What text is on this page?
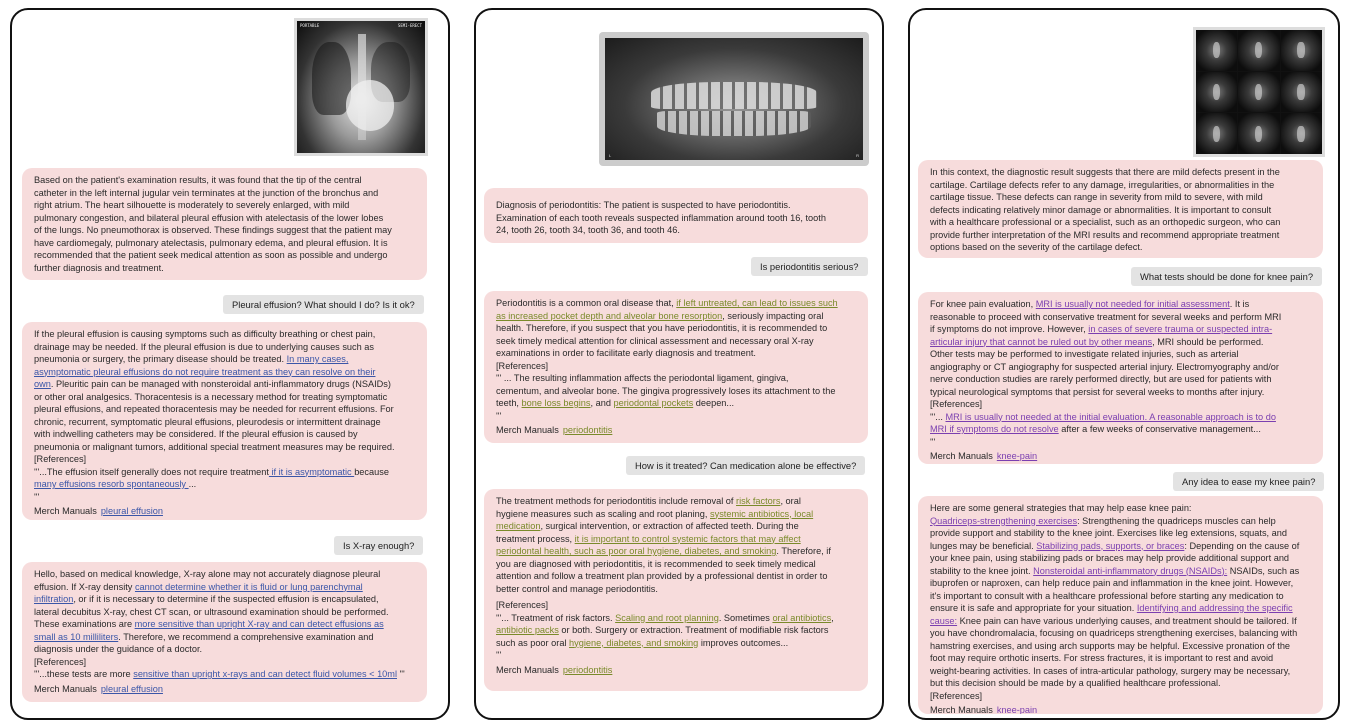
PORTABLE	SEMI-ERECT
Based on the patient's examination results, it was found that the tip of the central
catheter in the left internal jugular vein terminates at the junction of the bronchus and
right atrium. The heart silhouette is moderately to severely enlarged, with mild
pulmonary congestion, and bilateral pleural effusion with atelectasis of the lower lobes
of the lungs. No pneumothorax is observed. These findings suggest that the patient may
have cardiomegaly, pulmonary atelectasis, pulmonary edema, and pleural effusion. It is
recommended that the patient seek medical attention as soon as possible and undergo
further diagnosis and treatment.
Pleural effusion? What should I do? Is it ok?
If the pleural effusion is causing symptoms such as difficulty breathing or chest pain,
drainage may be needed. If the pleural effusion is due to underlying causes such as
pneumonia or surgery, the primary disease should be treated. In many cases,
asymptomatic pleural effusions do not require treatment as they can resolve on their
own. Pleuritic pain can be managed with nonsteroidal anti-inflammatory drugs (NSAIDs)
or other oral analgesics. Thoracentesis is a necessary method for treating symptomatic
pleural effusions, and repeated thoracentesis may be needed for recurrent effusions. For
chronic, recurrent, symptomatic pleural effusions, pleurodesis or intermittent drainage
with indwelling catheters may be considered. If the pleural effusion is caused by
pneumonia or malignant tumors, additional special treatment measures may be required.
[References]
'''...The effusion itself generally does not require treatment if it is asymptomatic because
many effusions resorb spontaneously ...
'''
Merch Manuals pleural effusion
Is X-ray enough?
Hello, based on medical knowledge, X-ray alone may not accurately diagnose pleural
effusion. If X-ray density cannot determine whether it is fluid or lung parenchymal
infiltration, or if it is necessary to determine if the suspected effusion is encapsulated,
lateral decubitus X-ray, chest CT scan, or ultrasound examination should be performed.
These examinations are more sensitive than upright X-ray and can detect effusions as
small as 10 milliliters. Therefore, we recommend a comprehensive examination and
diagnosis under the guidance of a doctor.
[References]
'''...these tests are more sensitive than upright x-rays and can detect fluid volumes < 10ml '''
Merch Manuals pleural effusion
L	R
Diagnosis of periodontitis: The patient is suspected to have periodontitis.
Examination of each tooth reveals suspected inflammation around tooth 16, tooth
24, tooth 26, tooth 34, tooth 36, and tooth 46.
Is periodontitis serious?
Periodontitis is a common oral disease that, if left untreated, can lead to issues such
as increased pocket depth and alveolar bone resorption, seriously impacting oral
health. Therefore, if you suspect that you have periodontitis, it is recommended to
seek timely medical attention for clinical assessment and necessary oral X-ray
examinations in order to facilitate early diagnosis and treatment.
[References]
''' ... The resulting inflammation affects the periodontal ligament, gingiva,
cementum, and alveolar bone. The gingiva progressively loses its attachment to the
teeth, bone loss begins, and periodontal pockets deepen...
'''
Merch Manuals periodontitis
How is it treated? Can medication alone be effective?
The treatment methods for periodontitis include removal of risk factors, oral
hygiene measures such as scaling and root planing, systemic antibiotics, local
medication, surgical intervention, or extraction of affected teeth. During the
treatment process, it is important to control systemic factors that may affect
periodontal health, such as poor oral hygiene, diabetes, and smoking. Therefore, if
you are diagnosed with periodontitis, it is recommended to seek timely medical
attention and follow a treatment plan provided by a professional dentist in order to
better control and manage periodontitis.
[References]
'''... Treatment of risk factors. Scaling and root planning. Sometimes oral antibiotics,
antibiotic packs or both. Surgery or extraction. Treatment of modifiable risk factors
such as poor oral hygiene, diabetes, and smoking improves outcomes...
'''
Merch Manuals periodontitis
In this context, the diagnostic result suggests that there are mild defects present in the
cartilage. Cartilage defects refer to any damage, irregularities, or abnormalities in the
cartilage tissue. These defects can range in severity from mild to severe, with mild
defects indicating relatively minor damage or abnormalities. It is important to consult
with a healthcare professional or a specialist, such as an orthopedic surgeon, who can
provide further interpretation of the MRI results and recommend appropriate treatment
options based on the severity of the cartilage defect.
What tests should be done for knee pain?
For knee pain evaluation, MRI is usually not needed for initial assessment. It is
reasonable to proceed with conservative treatment for several weeks and perform MRI
if symptoms do not improve. However, in cases of severe trauma or suspected intra-
articular injury that cannot be ruled out by other means, MRI should be performed.
Other tests may be performed to investigate related injuries, such as arterial
angiography or CT angiography for suspected arterial injury. Electromyography and/or
nerve conduction studies are rarely performed directly, but are used for patients with
typical neurological symptoms that persist for several weeks to months after injury.
[References]
'''... MRI is usually not needed at the initial evaluation. A reasonable approach is to do
MRI if symptoms do not resolve after a few weeks of conservative management...
'''
Merch Manuals knee-pain
Any idea to ease my knee pain?
Here are some general strategies that may help ease knee pain:
Quadriceps-strengthening exercises: Strengthening the quadriceps muscles can help
provide support and stability to the knee joint. Exercises like leg extensions, squats, and
lunges may be beneficial. Stabilizing pads, supports, or braces: Depending on the cause of
your knee pain, using stabilizing pads or braces may help provide additional support and
stability to the knee joint. Nonsteroidal anti-inflammatory drugs (NSAIDs): NSAIDs, such as
ibuprofen or naproxen, can help reduce pain and inflammation in the knee joint. However,
it's important to consult with a healthcare professional before starting any medication to
ensure it is safe and appropriate for your situation. Identifying and addressing the specific
cause: Knee pain can have various underlying causes, and treatment should be tailored. If
you have chondromalacia, focusing on quadriceps strengthening exercises, balancing with
hamstring exercises, and using arch supports may be helpful. Excessive pronation of the
foot may require orthotic inserts. For stress fractures, it is important to rest and avoid
weight-bearing activities. In cases of intra-articular pathology, surgery may be necessary,
but this decision should be made by a qualified healthcare professional.
[References]
Merch Manuals knee-pain
